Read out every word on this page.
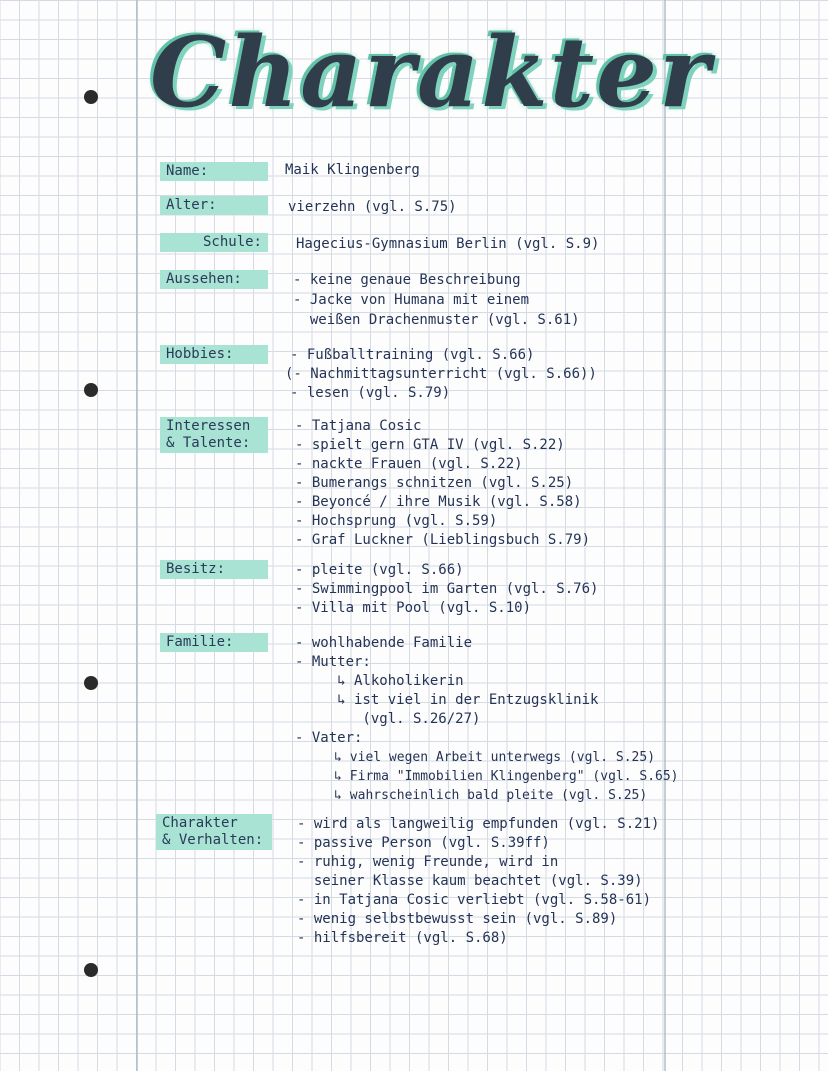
Charakter
Name:	Maik Klingenberg
Alter:	vierzehn (vgl. S.75)
Schule:	Hagecius-Gymnasium Berlin (vgl. S.9)
Aussehen:	- keine genaue Beschreibung
- Jacke von Humana mit einem
weißen Drachenmuster (vgl. S.61)
Hobbies:	- Fußballtraining (vgl. S.66)
(- Nachmittagsunterricht (vgl. S.66))
- lesen (vgl. S.79)
Interessen
& Talente:
- Tatjana Cosic
- spielt gern GTA IV (vgl. S.22)
- nackte Frauen (vgl. S.22)
- Bumerangs schnitzen (vgl. S.25)
- Beyoncé / ihre Musik (vgl. S.58)
- Hochsprung (vgl. S.59)
- Graf Luckner (Lieblingsbuch S.79)
Besitz:	- pleite (vgl. S.66)
- Swimmingpool im Garten (vgl. S.76)
- Villa mit Pool (vgl. S.10)
Familie:	- wohlhabende Familie
- Mutter:
↳ Alkoholikerin
↳ ist viel in der Entzugsklinik
(vgl. S.26/27)
- Vater:
↳ viel wegen Arbeit unterwegs (vgl. S.25)
↳ Firma "Immobilien Klingenberg" (vgl. S.65)
↳ wahrscheinlich bald pleite (vgl. S.25)
Charakter
& Verhalten:
- wird als langweilig empfunden (vgl. S.21)
- passive Person (vgl. S.39ff)
- ruhig, wenig Freunde, wird in
seiner Klasse kaum beachtet (vgl. S.39)
- in Tatjana Cosic verliebt (vgl. S.58-61)
- wenig selbstbewusst sein (vgl. S.89)
- hilfsbereit (vgl. S.68)
